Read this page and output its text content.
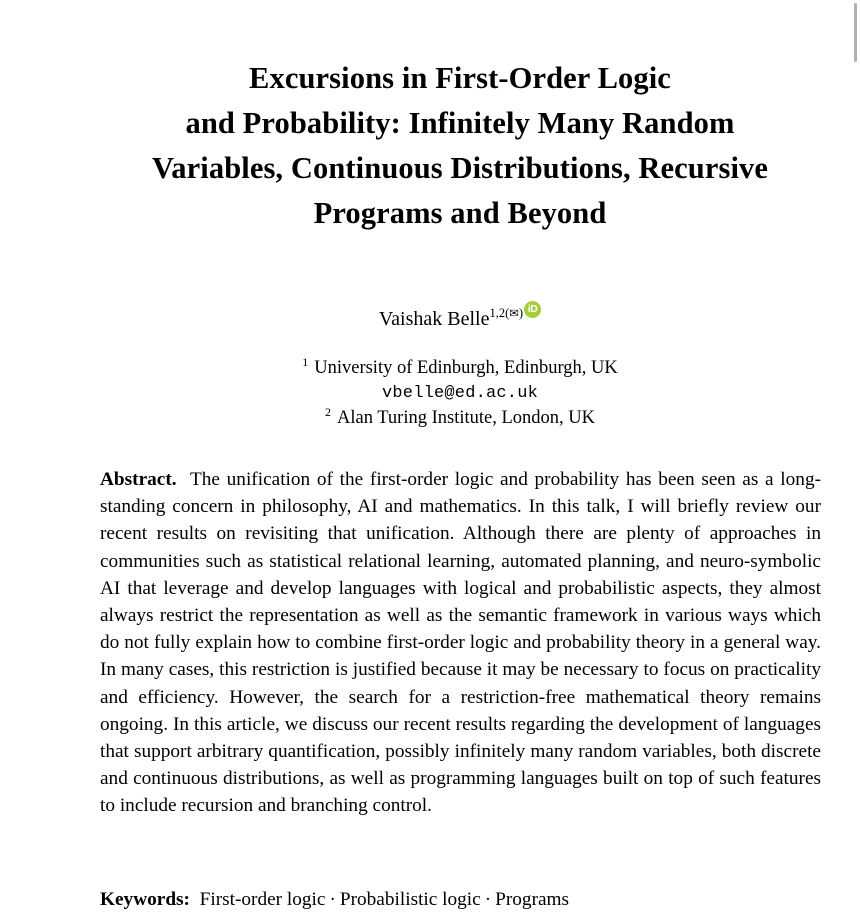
Excursions in First-Order Logic
and Probability: Infinitely Many Random
Variables, Continuous Distributions, Recursive
Programs and Beyond
Vaishak Belle$^{1,2(✉)}$ iD
$^1$ University of Edinburgh, Edinburgh, UK
vbelle@ed.ac.uk
$^2$ Alan Turing Institute, London, UK
Abstract. The unification of the first-order logic and probability has been seen as a long-standing concern in philosophy, AI and mathematics. In this talk, I will briefly review our recent results on revisiting that unification. Although there are plenty of approaches in communities such as statistical relational learning, automated planning, and neuro-symbolic AI that leverage and develop languages with logical and probabilistic aspects, they almost always restrict the representation as well as the semantic framework in various ways which do not fully explain how to combine first-order logic and probability theory in a general way. In many cases, this restriction is justified because it may be necessary to focus on practicality and efficiency. However, the search for a restriction-free mathematical theory remains ongoing. In this article, we discuss our recent results regarding the development of languages that support arbitrary quantification, possibly infinitely many random variables, both discrete and continuous distributions, as well as programming languages built on top of such features to include recursion and branching control.
Keywords: First-order logic · Probabilistic logic · Programs
